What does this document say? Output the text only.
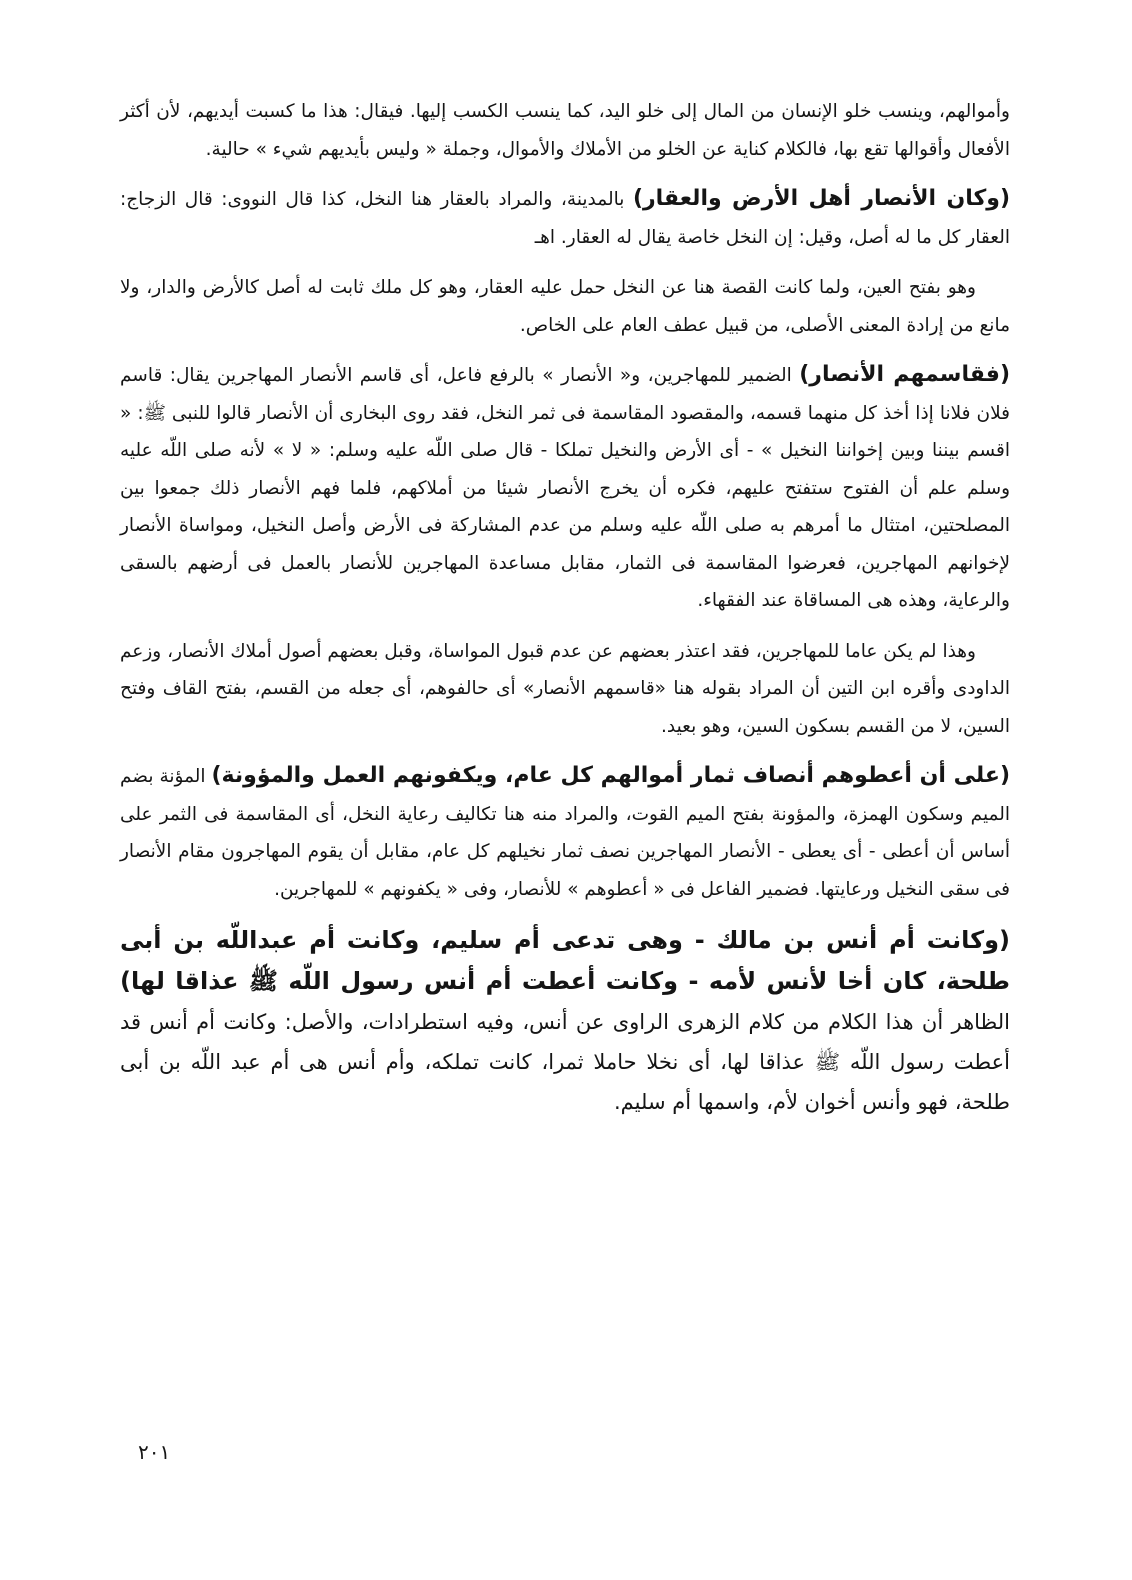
وأموالهم، وينسب خلو الإنسان من المال إلى خلو اليد، كما ينسب الكسب إليها. فيقال: هذا ما كسبت أيديهم، لأن أكثر الأفعال وأقوالها تقع بها، فالكلام كناية عن الخلو من الأملاك والأموال، وجملة « وليس بأيديهم شيء » حالية.

(وكان الأنصار أهل الأرض والعقار) بالمدينة، والمراد بالعقار هنا النخل، كذا قال النووى: قال الزجاج: العقار كل ما له أصل، وقيل: إن النخل خاصة يقال له العقار. اهـ

وهو بفتح العين، ولما كانت القصة هنا عن النخل حمل عليه العقار، وهو كل ملك ثابت له أصل كالأرض والدار، ولا مانع من إرادة المعنى الأصلى، من قبيل عطف العام على الخاص.

(فقاسمهم الأنصار) الضمير للمهاجرين، و« الأنصار » بالرفع فاعل، أى قاسم الأنصار المهاجرين يقال: قاسم فلان فلانا إذا أخذ كل منهما قسمه، والمقصود المقاسمة فى ثمر النخل، فقد روى البخارى أن الأنصار قالوا للنبى ﷺ: « اقسم بيننا وبين إخواننا النخيل » - أى الأرض والنخيل تملكا - قال صلى اللّه عليه وسلم: « لا » لأنه صلى اللّه عليه وسلم علم أن الفتوح ستفتح عليهم، فكره أن يخرج الأنصار شيئا من أملاكهم، فلما فهم الأنصار ذلك جمعوا بين المصلحتين، امتثال ما أمرهم به صلى اللّه عليه وسلم من عدم المشاركة فى الأرض وأصل النخيل، ومواساة الأنصار لإخوانهم المهاجرين، فعرضوا المقاسمة فى الثمار، مقابل مساعدة المهاجرين للأنصار بالعمل فى أرضهم بالسقى والرعاية، وهذه هى المساقاة عند الفقهاء.

وهذا لم يكن عاما للمهاجرين، فقد اعتذر بعضهم عن عدم قبول المواساة، وقبل بعضهم أصول أملاك الأنصار، وزعم الداودى وأقره ابن التين أن المراد بقوله هنا «قاسمهم الأنصار» أى حالفوهم، أى جعله من القسم، بفتح القاف وفتح السين، لا من القسم بسكون السين، وهو بعيد.

(على أن أعطوهم أنصاف ثمار أموالهم كل عام، ويكفونهم العمل والمؤونة) المؤنة بضم الميم وسكون الهمزة، والمؤونة بفتح الميم القوت، والمراد منه هنا تكاليف رعاية النخل، أى المقاسمة فى الثمر على أساس أن أعطى - أى يعطى - الأنصار المهاجرين نصف ثمار نخيلهم كل عام، مقابل أن يقوم المهاجرون مقام الأنصار فى سقى النخيل ورعايتها. فضمير الفاعل فى « أعطوهم » للأنصار، وفى « يكفونهم » للمهاجرين.

(وكانت أم أنس بن مالك - وهى تدعى أم سليم، وكانت أم عبداللّه بن أبى طلحة، كان أخا لأنس لأمه - وكانت أعطت أم أنس رسول اللّه ﷺ عذاقا لها) الظاهر أن هذا الكلام من كلام الزهرى الراوى عن أنس، وفيه استطرادات، والأصل: وكانت أم أنس قد أعطت رسول اللّه ﷺ عذاقا لها، أى نخلا حاملا ثمرا، كانت تملكه، وأم أنس هى أم عبد اللّه بن أبى طلحة، فهو وأنس أخوان لأم، واسمها أم سليم.

٢٠١
